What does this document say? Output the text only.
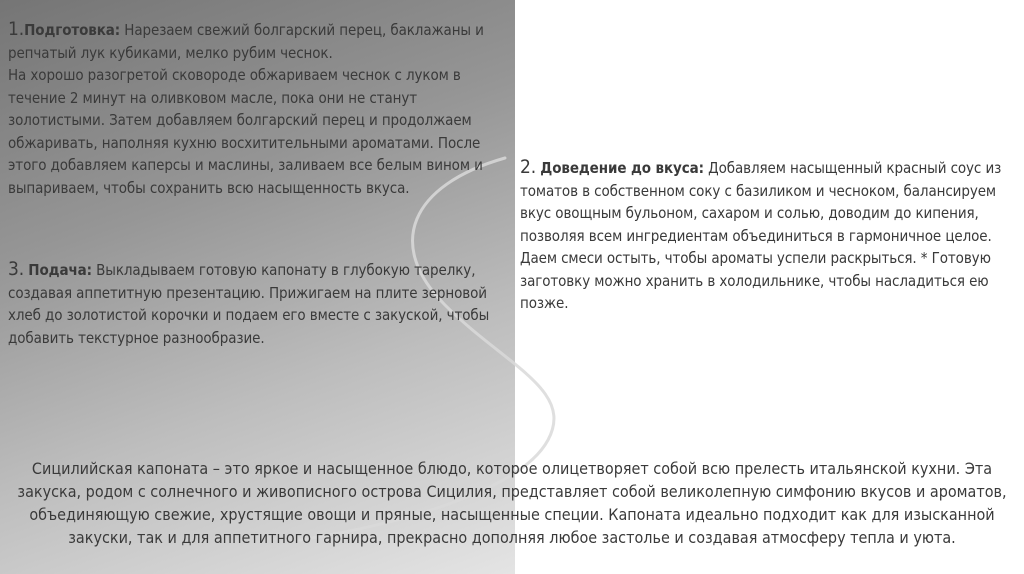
1.Подготовка: Нарезаем свежий болгарский перец, баклажаны и репчатый лук кубиками, мелко рубим чеснок.

На хорошо разогретой сковороде обжариваем чеснок с луком в течение 2 минут на оливковом масле, пока они не станут золотистыми. Затем добавляем болгарский перец и продолжаем обжаривать, наполняя кухню восхитительными ароматами. После этого добавляем каперсы и маслины, заливаем все белым вином и выпариваем, чтобы сохранить всю насыщенность вкуса.

2. Доведение до вкуса: Добавляем насыщенный красный соус из томатов в собственном соку с базиликом и чесноком, балансируем вкус овощным бульоном, сахаром и солью, доводим до кипения, позволяя всем ингредиентам объединиться в гармоничное целое. Даем смеси остыть, чтобы ароматы успели раскрыться. * Готовую заготовку можно хранить в холодильнике, чтобы насладиться ею позже.

3. Подача: Выкладываем готовую капонату в глубокую тарелку, создавая аппетитную презентацию. Прижигаем на плите зерновой хлеб до золотистой корочки и подаем его вместе с закуской, чтобы добавить текстурное разнообразие.

Сицилийская капоната – это яркое и насыщенное блюдо, которое олицетворяет собой всю прелесть итальянской кухни. Эта закуска, родом с солнечного и живописного острова Сицилия, представляет собой великолепную симфонию вкусов и ароматов, объединяющую свежие, хрустящие овощи и пряные, насыщенные специи. Капоната идеально подходит как для изысканной закуски, так и для аппетитного гарнира, прекрасно дополняя любое застолье и создавая атмосферу тепла и уюта.
